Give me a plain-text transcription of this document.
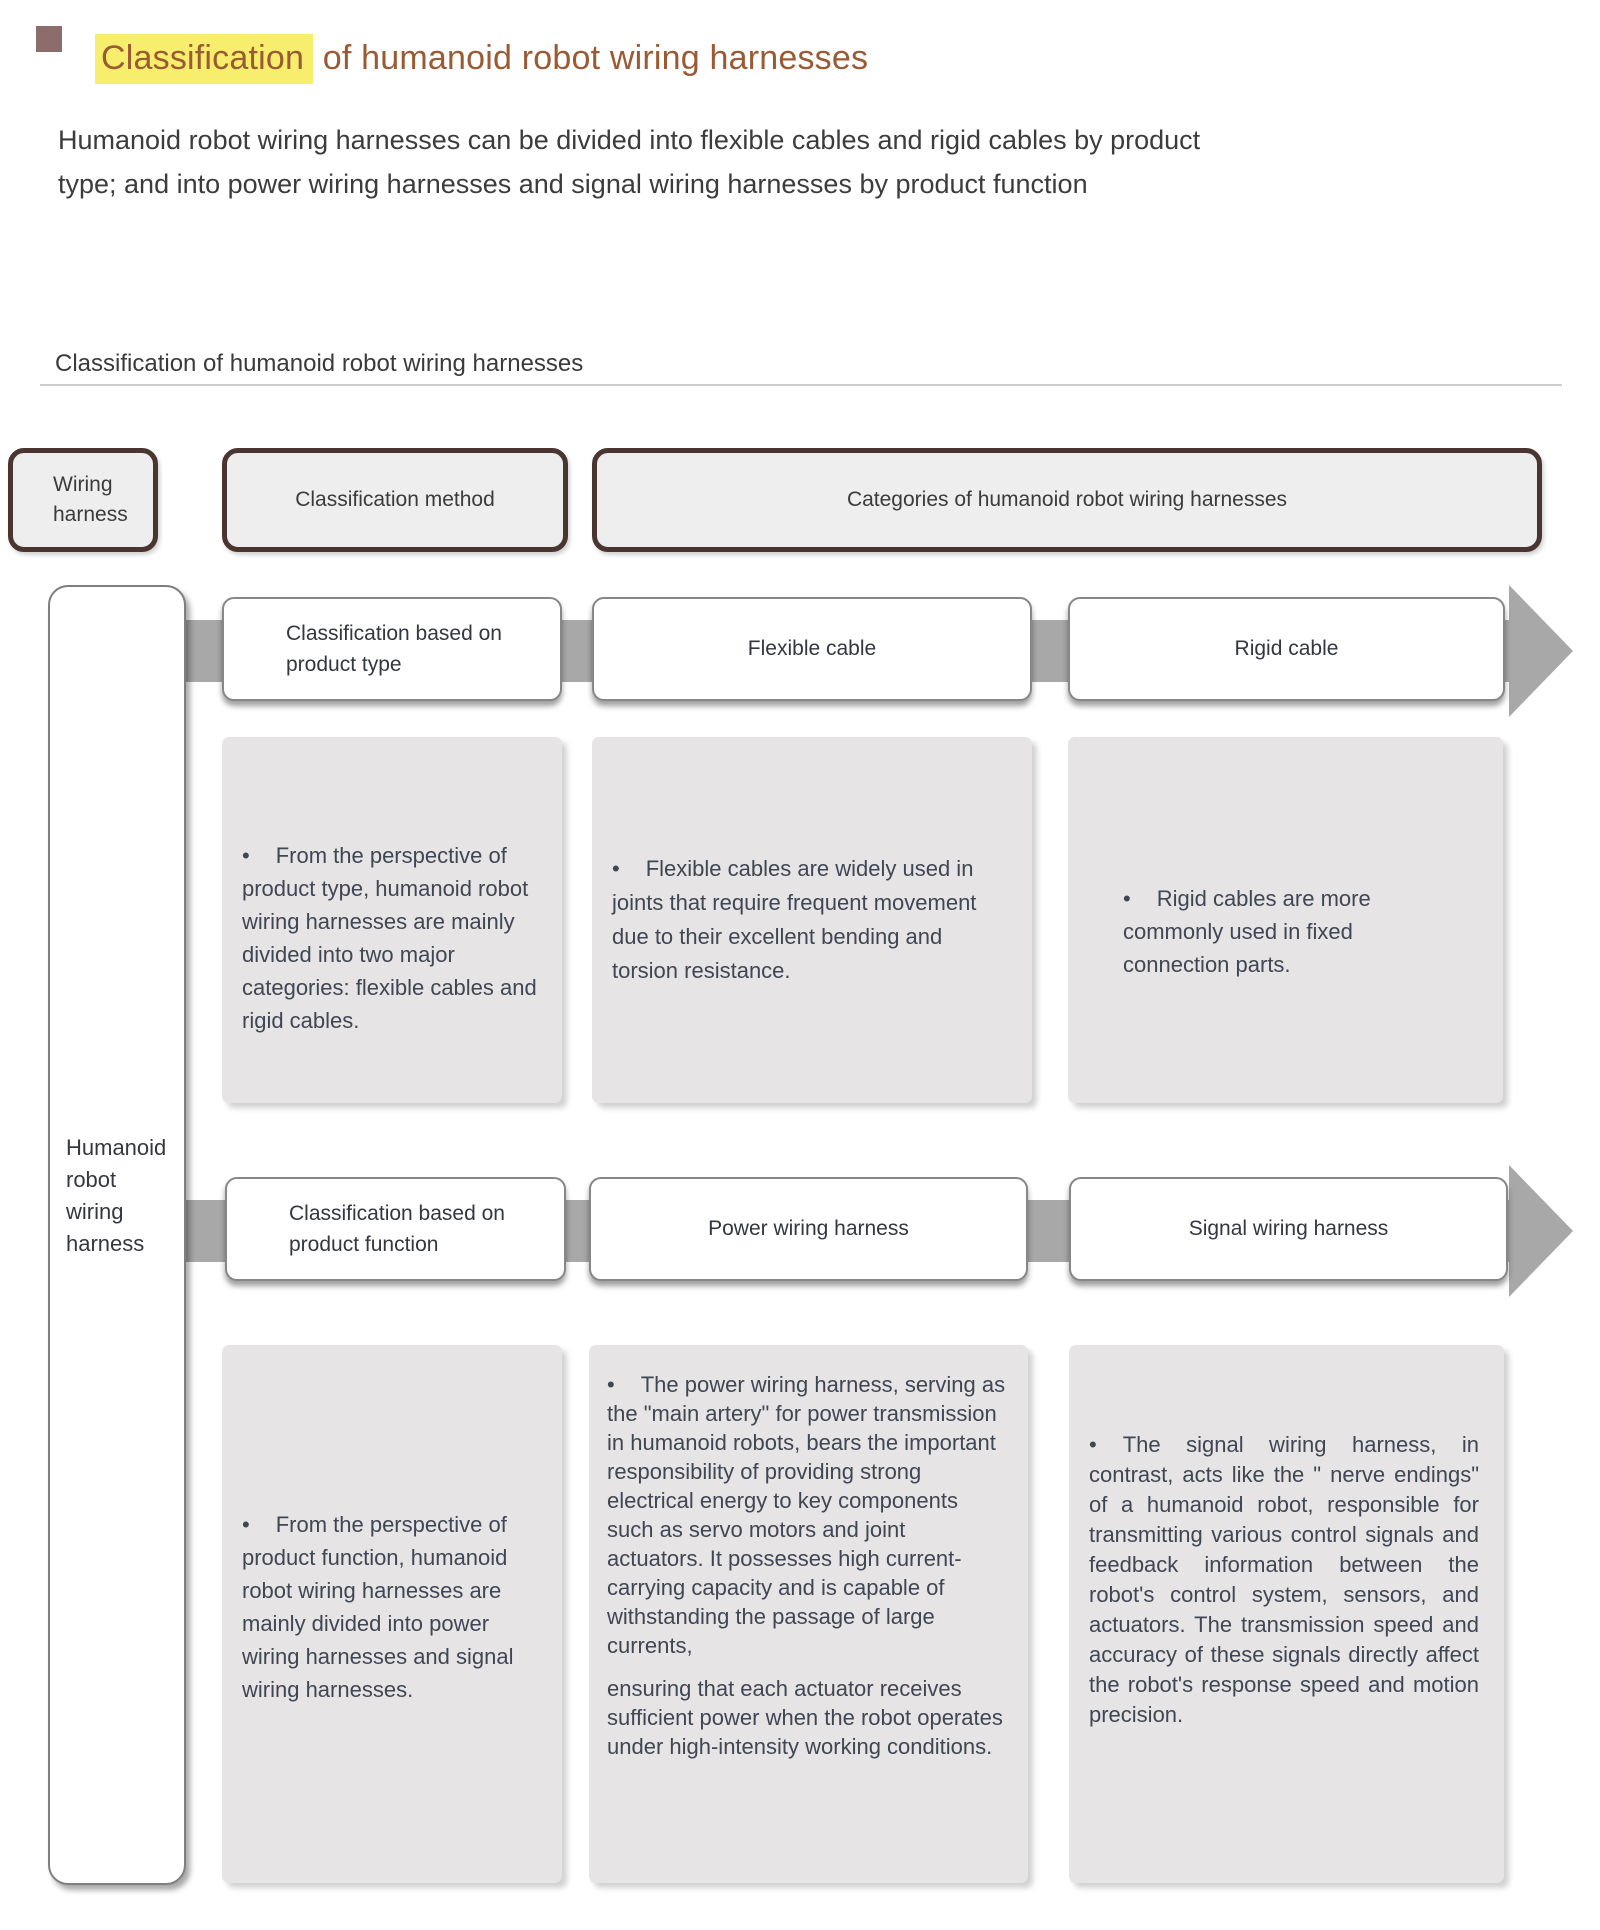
Classification of humanoid robot wiring harnesses

Humanoid robot wiring harnesses can be divided into flexible cables and rigid cables by product type; and into power wiring harnesses and signal wiring harnesses by product function

Classification of humanoid robot wiring harnesses
Wiring harness
Classification method	Categories of humanoid robot wiring harnesses
Humanoid robot wiring harness
Classification based on product type
Flexible cable	Rigid cable

• From the perspective of product type, humanoid robot wiring harnesses are mainly divided into two major categories: flexible cables and rigid cables.

• Flexible cables are widely used in joints that require frequent movement due to their excellent bending and torsion resistance.

• Rigid cables are more commonly used in fixed connection parts.

Classification based on product function
Power wiring harness	Signal wiring harness

• From the perspective of product function, humanoid robot wiring harnesses are mainly divided into power wiring harnesses and signal wiring harnesses.

• The power wiring harness, serving as the "main artery" for power transmission in humanoid robots, bears the important responsibility of providing strong electrical energy to key components such as servo motors and joint actuators. It possesses high current-carrying capacity and is capable of withstanding the passage of large currents,

ensuring that each actuator receives sufficient power when the robot operates under high-intensity working conditions.

• The signal wiring harness, in contrast, acts like the " nerve endings" of a humanoid robot, responsible for transmitting various control signals and feedback information between the robot's control system, sensors, and actuators. The transmission speed and accuracy of these signals directly affect the robot's response speed and motion precision.
